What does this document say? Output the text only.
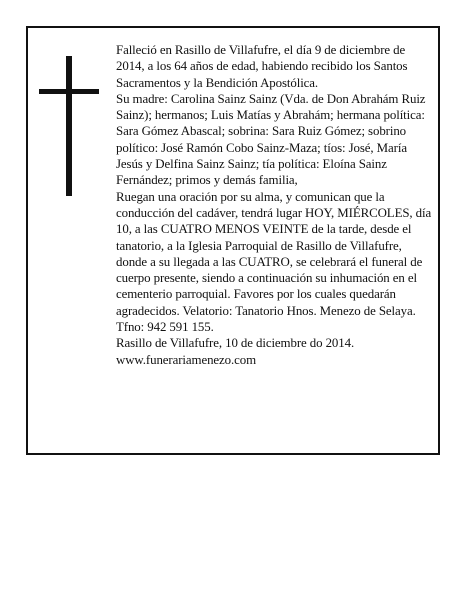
Falleció en Rasillo de Villafufre, el día 9 de diciembre de 2014, a los 64 años de edad, habiendo recibido los Santos Sacramentos y la Bendición Apostólica.

Su madre: Carolina Sainz Sainz (Vda. de Don Abrahám Ruiz Sainz); hermanos; Luis Matías y Abrahám; hermana política: Sara Gómez Abascal; sobrina: Sara Ruiz Gómez; sobrino político: José Ramón Cobo Sainz-Maza; tíos: José, María Jesús y Delfina Sainz Sainz; tía política: Eloína Sainz Fernández; primos y demás familia,

Ruegan una oración por su alma, y comunican que la conducción del cadáver, tendrá lugar HOY, MIÉRCOLES, día 10, a las CUATRO MENOS VEINTE de la tarde, desde el tanatorio, a la Iglesia Parroquial de Rasillo de Villafufre, donde a su llegada a las CUATRO, se celebrará el funeral de cuerpo presente, siendo a continuación su inhumación en el cementerio parroquial. Favores por los cuales quedarán agradecidos. Velatorio: Tanatorio Hnos. Menezo de Selaya. Tfno: 942 591 155.

Rasillo de Villafufre, 10 de diciembre do 2014.

www.funerariamenezo.com
